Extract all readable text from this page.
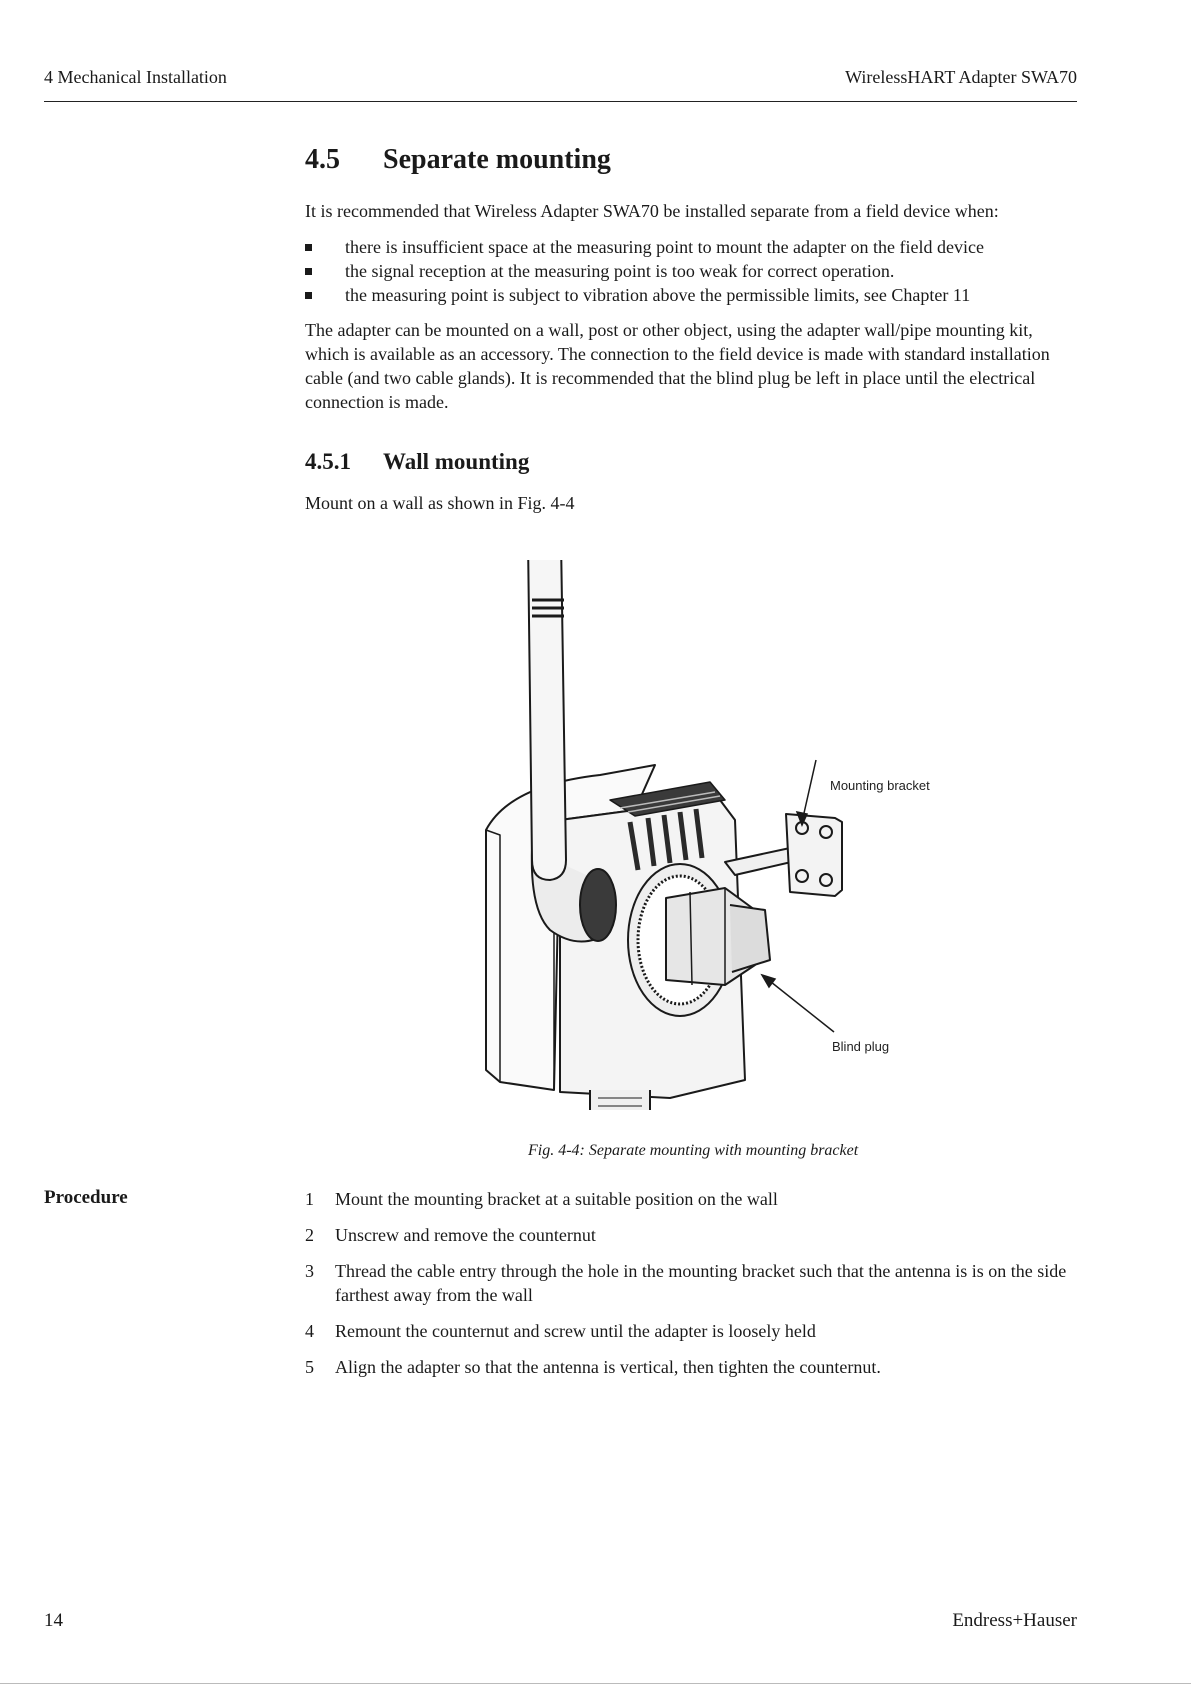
4 Mechanical Installation	WirelessHART Adapter SWA70
4.5 Separate mounting

It is recommended that Wireless Adapter SWA70 be installed separate from a field device when:

there is insufficient space at the measuring point to mount the adapter on the field device
the signal reception at the measuring point is too weak for correct operation.
the measuring point is subject to vibration above the permissible limits, see Chapter 11

The adapter can be mounted on a wall, post or other object, using the adapter wall/pipe mounting kit, which is available as an accessory. The connection to the field device is made with standard installation cable (and two cable glands). It is recommended that the blind plug be left in place until the electrical connection is made.

4.5.1 Wall mounting

Mount on a wall as shown in Fig. 4-4

Mounting bracket
Blind plug
Fig. 4-4: Separate mounting with mounting bracket
Procedure	1 Mount the mounting bracket at a suitable position on the wall
2 Unscrew and remove the counternut
3 Thread the cable entry through the hole in the mounting bracket such that the antenna is is on the side farthest away from the wall
4 Remount the counternut and screw until the adapter is loosely held
5 Align the adapter so that the antenna is vertical, then tighten the counternut.
14	Endress+Hauser
